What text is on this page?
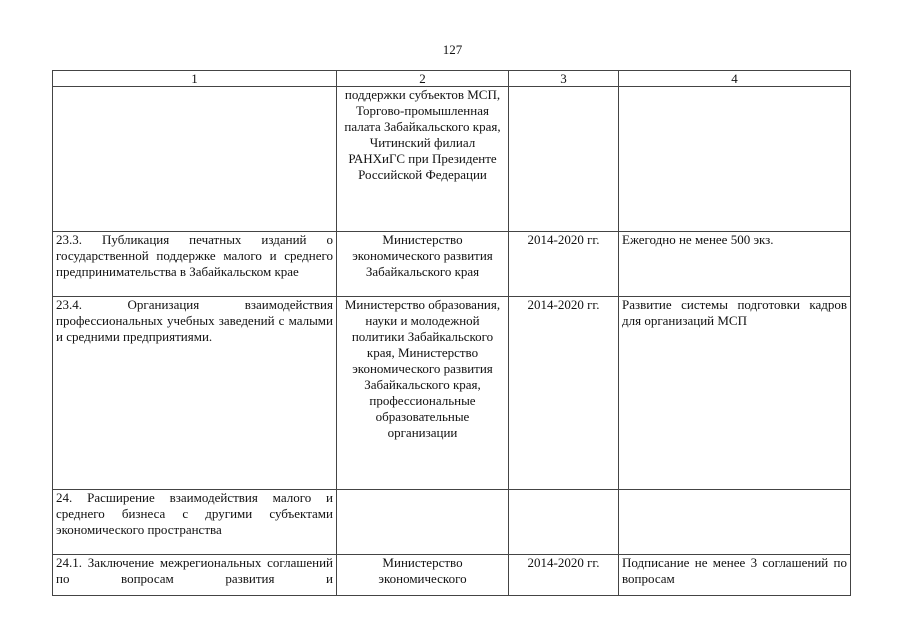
127
1	2	3	4
	поддержки субъектов МСП, Торгово-промышленная палата Забайкальского края, Читинский филиал РАНХиГС при Президенте Российской Федерации		
23.3. Публикация печатных изданий о государственной поддержке малого и среднего предпринимательства в Забайкальском крае	Министерство экономического развития Забайкальского края	2014-2020 гг.	Ежегодно не менее 500 экз.
23.4. Организация взаимодействия профессиональных учебных заведений с малыми и средними предприятиями.	Министерство образования, науки и молодежной политики Забайкальского края, Министерство экономического развития Забайкальского края, профессиональные образовательные организации	2014-2020 гг.	Развитие системы подготовки кадров для организаций МСП
24. Расширение взаимодействия малого и среднего бизнеса с другими субъектами экономического пространства			
24.1. Заключение межрегиональных соглашений по вопросам развития и	Министерство экономического	2014-2020 гг.	Подписание не менее 3 соглашений по вопросам
